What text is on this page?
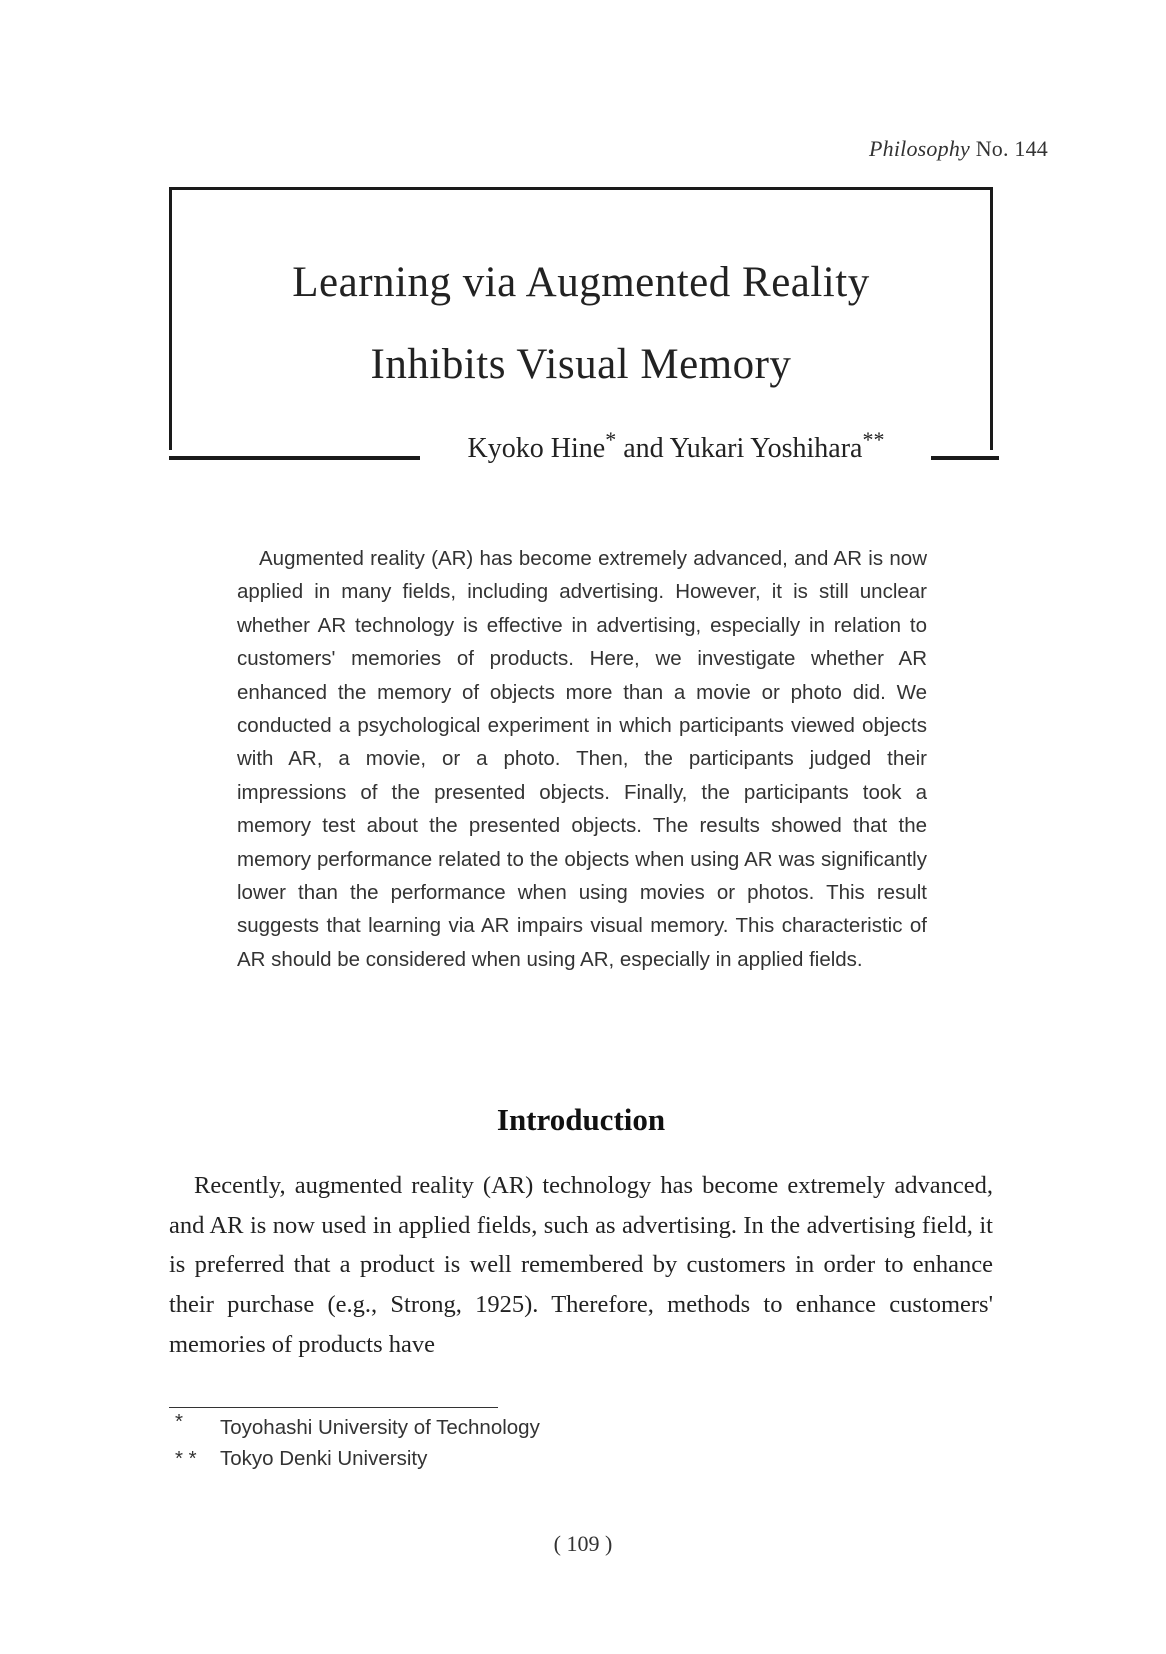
Philosophy No. 144
Learning via Augmented Reality
Inhibits Visual Memory
Kyoko Hine* and Yukari Yoshihara**

Augmented reality (AR) has become extremely advanced, and AR is now applied in many fields, including advertising. However, it is still unclear whether AR technology is effective in advertising, especially in relation to customers' memories of products. Here, we investigate whether AR enhanced the memory of objects more than a movie or photo did. We conducted a psychological experiment in which participants viewed objects with AR, a movie, or a photo. Then, the participants judged their impressions of the presented objects. Finally, the participants took a memory test about the presented objects. The results showed that the memory performance related to the objects when using AR was significantly lower than the performance when using movies or photos. This result suggests that learning via AR impairs visual memory. This characteristic of AR should be considered when using AR, especially in applied fields.

Introduction

Recently, augmented reality (AR) technology has become extremely advanced, and AR is now used in applied fields, such as advertising. In the advertising field, it is preferred that a product is well remembered by customers in order to enhance their purchase (e.g., Strong, 1925). Therefore, methods to enhance customers' memories of products have

* Toyohashi University of Technology
* * Tokyo Denki University
( 109 )
